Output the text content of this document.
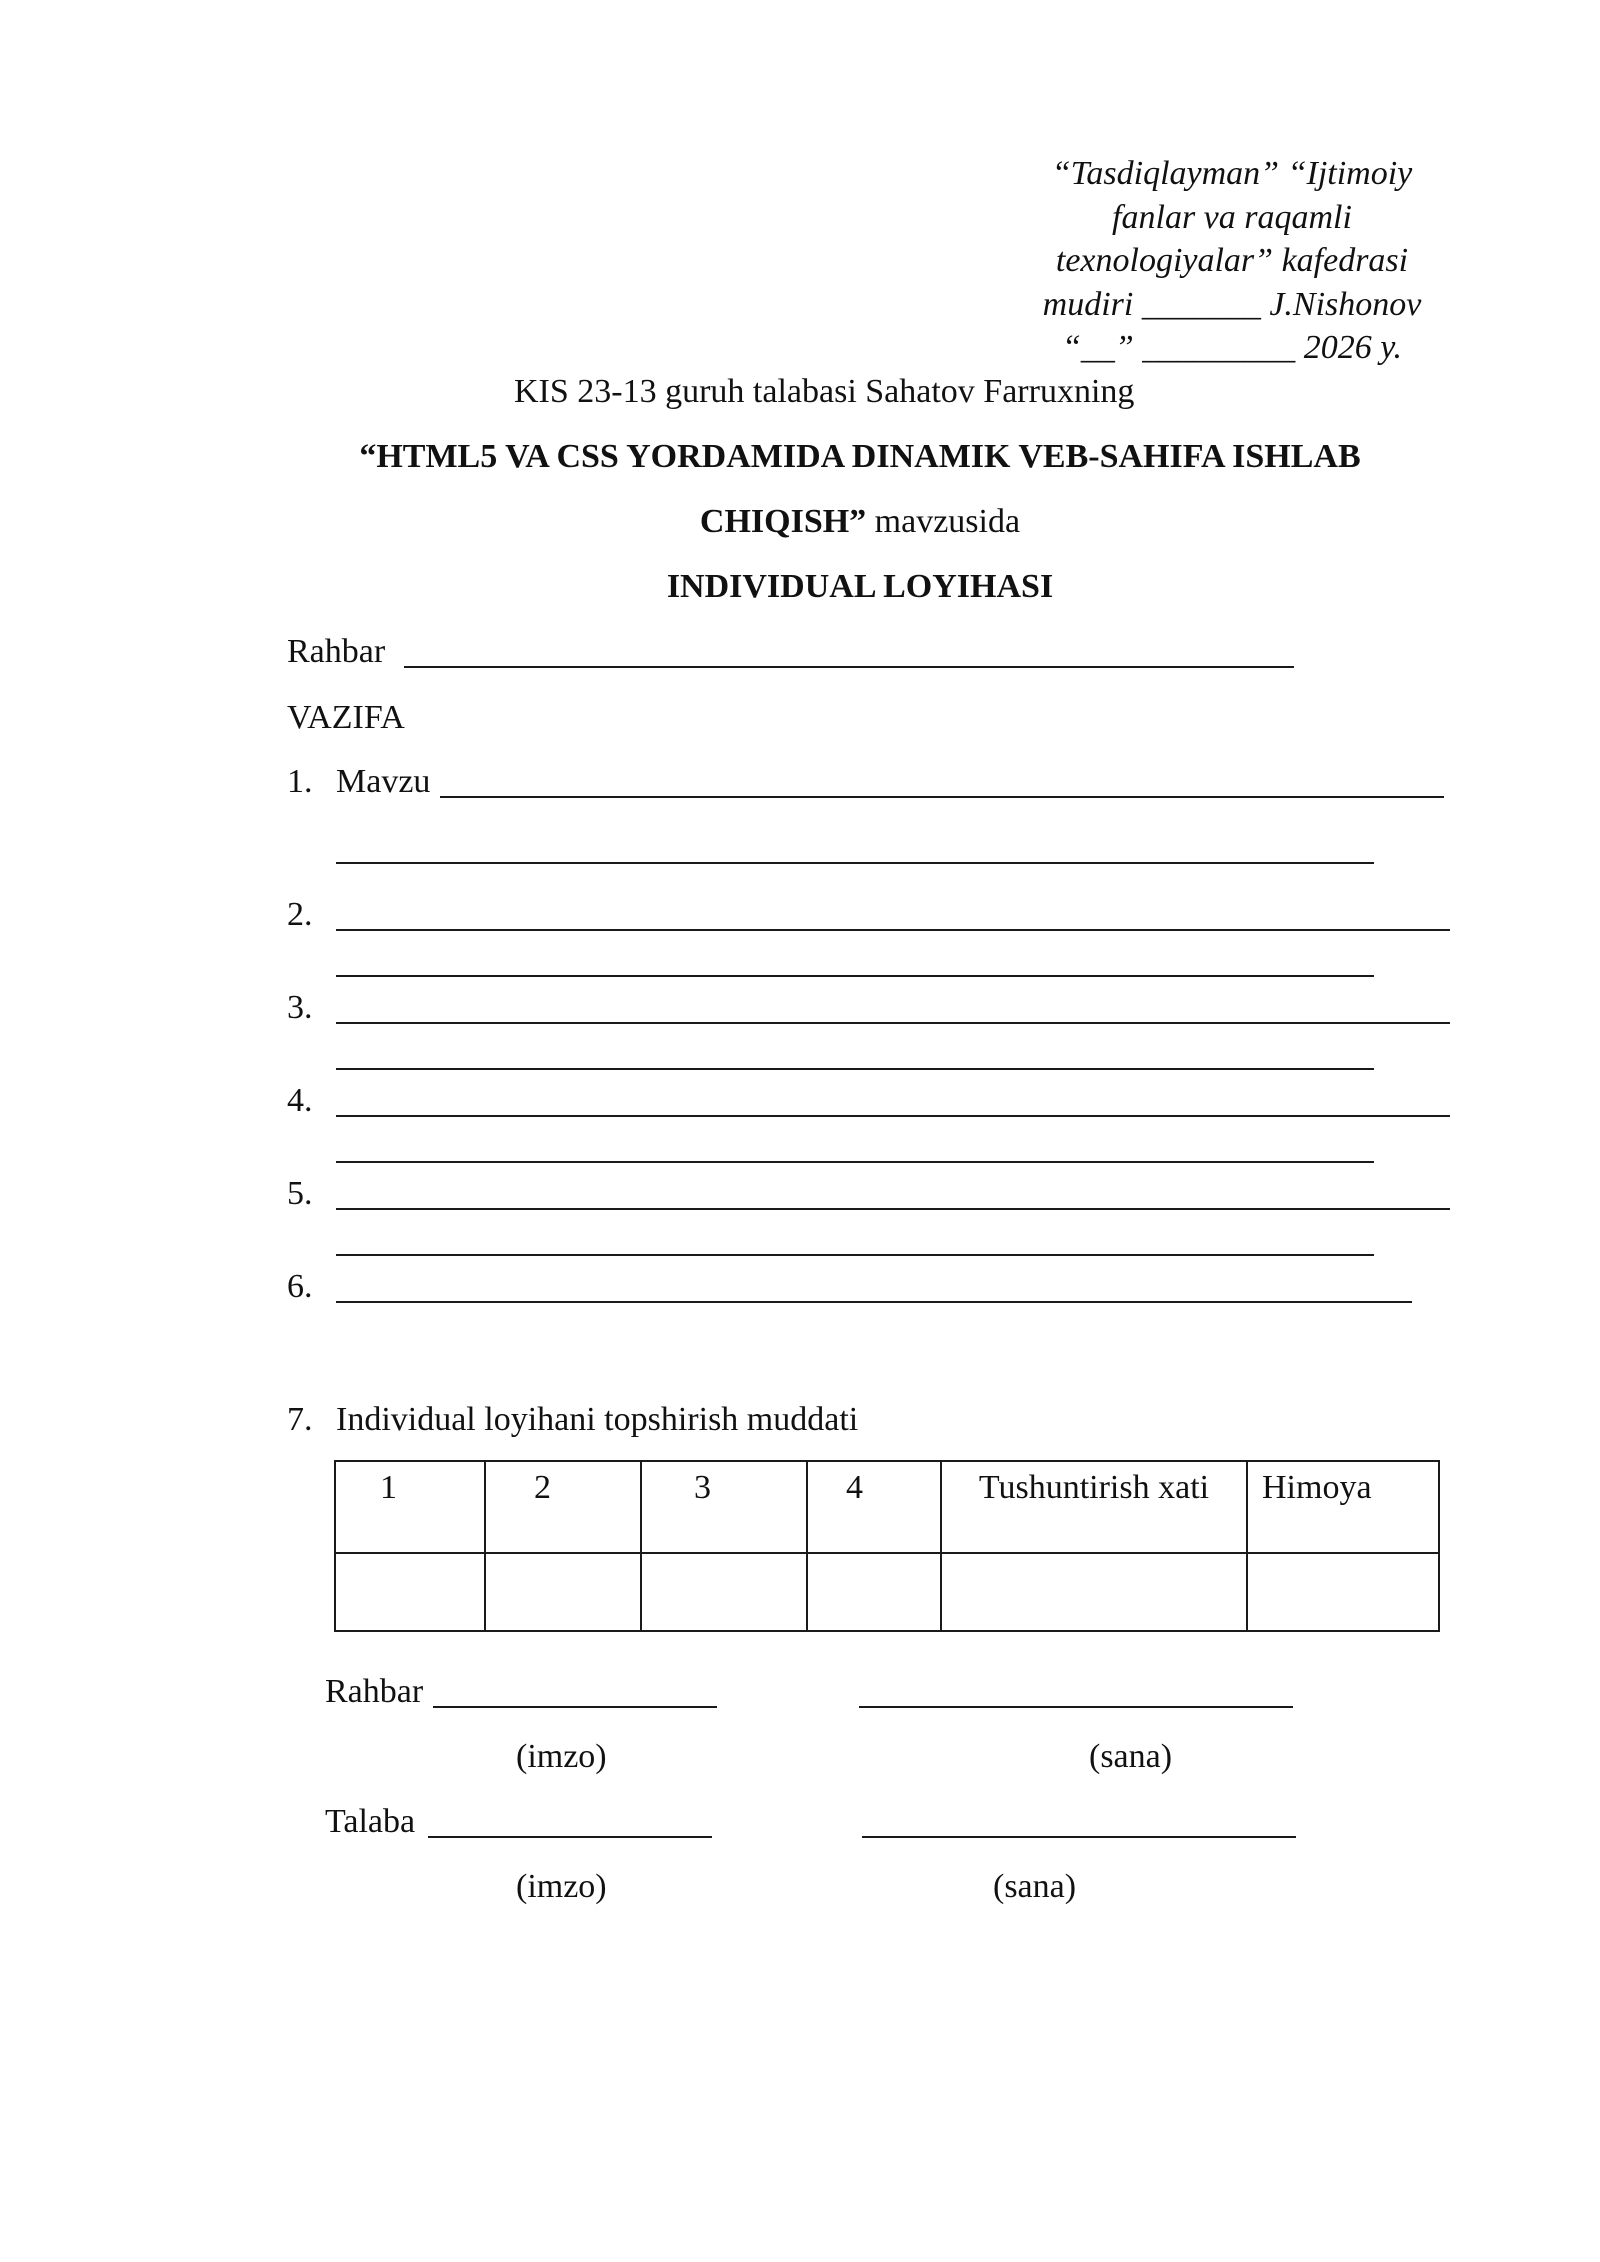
“Tasdiqlayman” “Ijtimoiy
fanlar va raqamli
texnologiyalar” kafedrasi
mudiri _______ J.Nishonov
“__” _________ 2026 y.
KIS 23-13 guruh talabasi Sahatov Farruxning
“HTML5 VA CSS YORDAMIDA DINAMIK VEB-SAHIFA ISHLAB
CHIQISH” mavzusida
INDIVIDUAL LOYIHASI
Rahbar
VAZIFA
1. Mavzu
2.
3.
4.
5.
6.
7. Individual loyihani topshirish muddati
1	2	3	4	Tushuntirish xati	Himoya

Rahbar
(imzo)	(sana)
Talaba
(imzo)	(sana)
